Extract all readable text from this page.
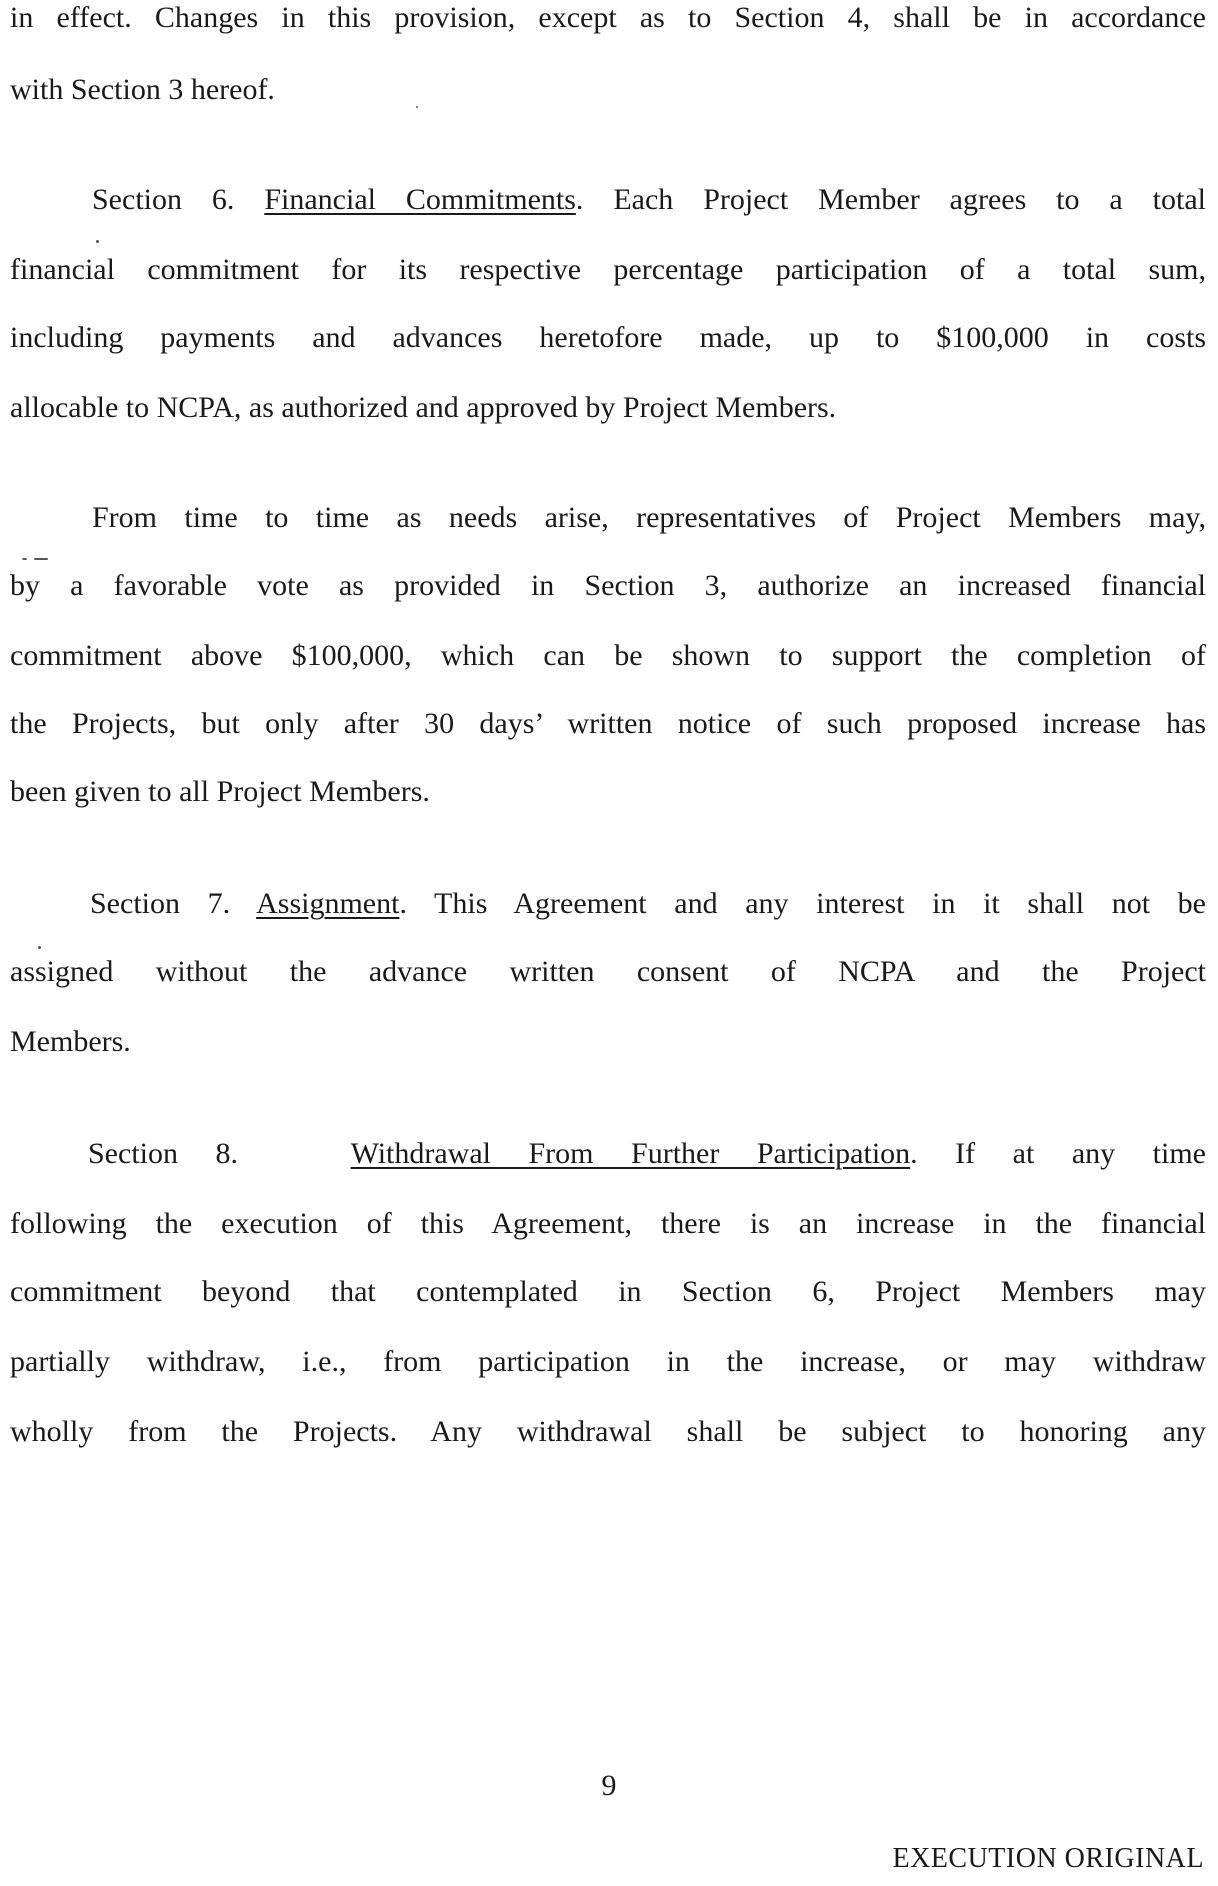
in effect. Changes in this provision, except as to Section 4, shall be in accordance
with Section 3 hereof.
Section 6. Financial Commitments. Each Project Member agrees to a total
financial commitment for its respective percentage participation of a total sum,
including payments and advances heretofore made, up to $100,000 in costs
allocable to NCPA, as authorized and approved by Project Members.
From time to time as needs arise, representatives of Project Members may,
by a favorable vote as provided in Section 3, authorize an increased financial
commitment above $100,000, which can be shown to support the completion of
the Projects, but only after 30 days’ written notice of such proposed increase has
been given to all Project Members.
Section 7. Assignment. This Agreement and any interest in it shall not be
assigned without the advance written consent of NCPA and the Project
Members.
Section 8.	Withdrawal From Further Participation. If at any time
following the execution of this Agreement, there is an increase in the financial
commitment beyond that contemplated in Section 6, Project Members may
partially withdraw, i.e., from participation in the increase, or may withdraw
wholly from the Projects. Any withdrawal shall be subject to honoring any
9
EXECUTION ORIGINAL
